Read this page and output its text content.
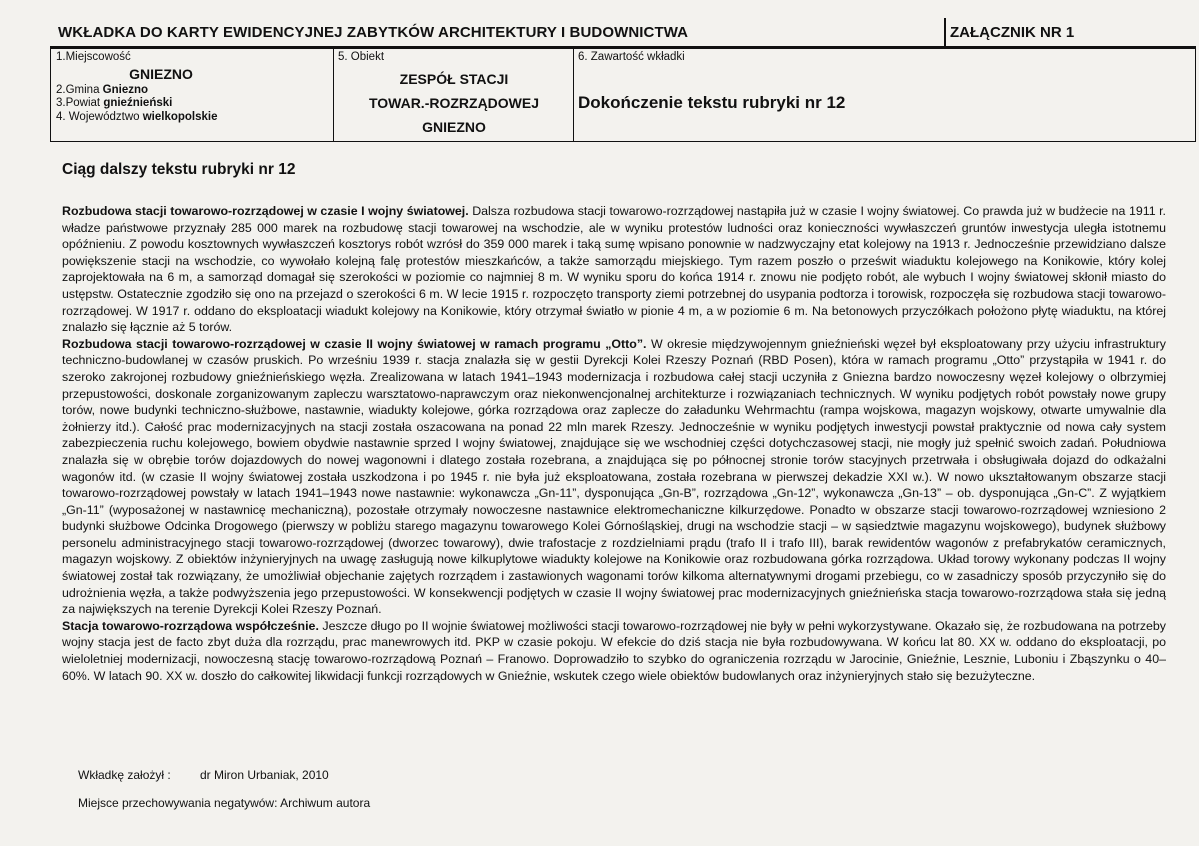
WKŁADKA DO KARTY EWIDENCYJNEJ ZABYTKÓW ARCHITEKTURY I BUDOWNICTWA	ZAŁĄCZNIK NR 1
1.Miejscowość
GNIEZNO
2.Gmina Gniezno
3.Powiat gnieźnieński
4. Województwo wielkopolskie
5. Obiekt
ZESPÓŁ STACJI
TOWAR.-ROZRZĄDOWEJ
GNIEZNO
6. Zawartość wkładki
Dokończenie tekstu rubryki nr 12
Ciąg dalszy tekstu rubryki nr 12

Rozbudowa stacji towarowo-rozrządowej w czasie I wojny światowej. Dalsza rozbudowa stacji towarowo-rozrządowej nastąpiła już w czasie I wojny światowej. Co prawda już w budżecie na 1911 r. władze państwowe przyznały 285 000 marek na rozbudowę stacji towarowej na wschodzie, ale w wyniku protestów ludności oraz konieczności wywłaszczeń gruntów inwestycja uległa istotnemu opóźnieniu. Z powodu kosztownych wywłaszczeń kosztorys robót wzrósł do 359 000 marek i taką sumę wpisano ponownie w nadzwyczajny etat kolejowy na 1913 r. Jednocześnie przewidziano dalsze powiększenie stacji na wschodzie, co wywołało kolejną falę protestów mieszkańców, a także samorządu miejskiego. Tym razem poszło o prześwit wiaduktu kolejowego na Konikowie, który kolej zaprojektowała na 6 m, a samorząd domagał się szerokości w poziomie co najmniej 8 m. W wyniku sporu do końca 1914 r. znowu nie podjęto robót, ale wybuch I wojny światowej skłonił miasto do ustępstw. Ostatecznie zgodziło się ono na przejazd o szerokości 6 m. W lecie 1915 r. rozpoczęto transporty ziemi potrzebnej do usypania podtorza i torowisk, rozpoczęła się rozbudowa stacji towarowo-rozrządowej. W 1917 r. oddano do eksploatacji wiadukt kolejowy na Konikowie, który otrzymał światło w pionie 4 m, a w poziomie 6 m. Na betonowych przyczółkach położono płytę wiaduktu, na której znalazło się łącznie aż 5 torów.

Rozbudowa stacji towarowo-rozrządowej w czasie II wojny światowej w ramach programu „Otto”. W okresie międzywojennym gnieźnieński węzeł był eksploatowany przy użyciu infrastruktury techniczno-budowlanej w czasów pruskich. Po wrześniu 1939 r. stacja znalazła się w gestii Dyrekcji Kolei Rzeszy Poznań (RBD Posen), która w ramach programu „Otto” przystąpiła w 1941 r. do szeroko zakrojonej rozbudowy gnieźnieńskiego węzła. Zrealizowana w latach 1941–1943 modernizacja i rozbudowa całej stacji uczyniła z Gniezna bardzo nowoczesny węzeł kolejowy o olbrzymiej przepustowości, doskonale zorganizowanym zapleczu warsztatowo-naprawczym oraz niekonwencjonalnej architekturze i rozwiązaniach technicznych. W wyniku podjętych robót powstały nowe grupy torów, nowe budynki techniczno-służbowe, nastawnie, wiadukty kolejowe, górka rozrządowa oraz zaplecze do załadunku Wehrmachtu (rampa wojskowa, magazyn wojskowy, otwarte umywalnie dla żołnierzy itd.). Całość prac modernizacyjnych na stacji została oszacowana na ponad 22 mln marek Rzeszy. Jednocześnie w wyniku podjętych inwestycji powstał praktycznie od nowa cały system zabezpieczenia ruchu kolejowego, bowiem obydwie nastawnie sprzed I wojny światowej, znajdujące się we wschodniej części dotychczasowej stacji, nie mogły już spełnić swoich zadań. Południowa znalazła się w obrębie torów dojazdowych do nowej wagonowni i dlatego została rozebrana, a znajdująca się po północnej stronie torów stacyjnych przetrwała i obsługiwała dojazd do odkażalni wagonów itd. (w czasie II wojny światowej została uszkodzona i po 1945 r. nie była już eksploatowana, została rozebrana w pierwszej dekadzie XXI w.). W nowo ukształtowanym obszarze stacji towarowo-rozrządowej powstały w latach 1941–1943 nowe nastawnie: wykonawcza „Gn-11”, dysponująca „Gn-B”, rozrządowa „Gn-12”, wykonawcza „Gn-13” – ob. dysponująca „Gn-C”. Z wyjątkiem „Gn-11” (wyposażonej w nastawnicę mechaniczną), pozostałe otrzymały nowoczesne nastawnice elektromechaniczne kilkurzędowe. Ponadto w obszarze stacji towarowo-rozrządowej wzniesiono 2 budynki służbowe Odcinka Drogowego (pierwszy w pobliżu starego magazynu towarowego Kolei Górnośląskiej, drugi na wschodzie stacji – w sąsiedztwie magazynu wojskowego), budynek służbowy personelu administracyjnego stacji towarowo-rozrządowej (dworzec towarowy), dwie trafostacje z rozdzielniami prądu (trafo II i trafo III), barak rewidentów wagonów z prefabrykatów ceramicznych, magazyn wojskowy. Z obiektów inżynieryjnych na uwagę zasługują nowe kilkuplytowe wiadukty kolejowe na Konikowie oraz rozbudowana górka rozrządowa. Układ torowy wykonany podczas II wojny światowej został tak rozwiązany, że umożliwiał objechanie zajętych rozrządem i zastawionych wagonami torów kilkoma alternatywnymi drogami przebiegu, co w zasadniczy sposób przyczyniło się do udrożnienia węzła, a także podwyższenia jego przepustowości. W konsekwencji podjętych w czasie II wojny światowej prac modernizacyjnych gnieźnieńska stacja towarowo-rozrządowa stała się jedną za największych na terenie Dyrekcji Kolei Rzeszy Poznań.

Stacja towarowo-rozrządowa współcześnie. Jeszcze długo po II wojnie światowej możliwości stacji towarowo-rozrządowej nie były w pełni wykorzystywane. Okazało się, że rozbudowana na potrzeby wojny stacja jest de facto zbyt duża dla rozrządu, prac manewrowych itd. PKP w czasie pokoju. W efekcie do dziś stacja nie była rozbudowywana. W końcu lat 80. XX w. oddano do eksploatacji, po wieloletniej modernizacji, nowoczesną stację towarowo-rozrządową Poznań – Franowo. Doprowadziło to szybko do ograniczenia rozrządu w Jarocinie, Gnieźnie, Lesznie, Luboniu i Zbąszynku o 40–60%. W latach 90. XX w. doszło do całkowitej likwidacji funkcji rozrządowych w Gnieźnie, wskutek czego wiele obiektów budowlanych oraz inżynieryjnych stało się bezużyteczne.

Wkładkę założył : dr Miron Urbaniak, 2010
Miejsce przechowywania negatywów: Archiwum autora
